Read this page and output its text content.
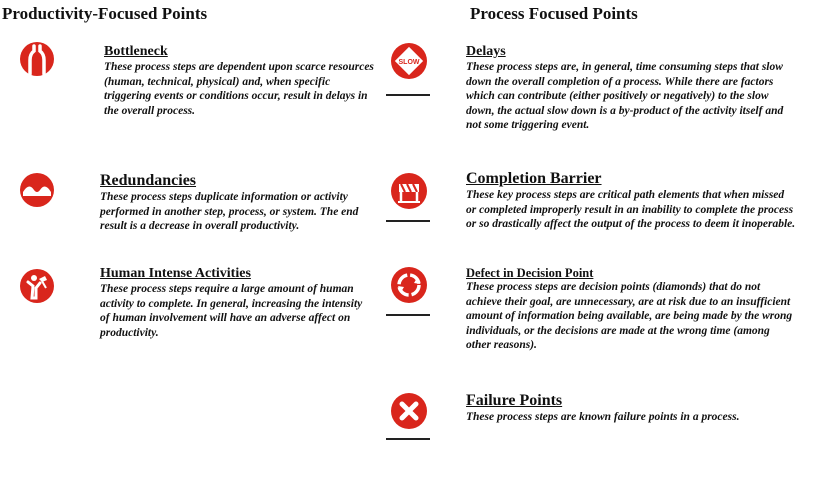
Productivity-Focused Points	Process Focused Points
Bottleneck
These process steps are dependent upon scarce resources (human, technical, physical) and, when specific triggering events or conditions occur, result in delays in the overall process.
Redundancies
These process steps duplicate information or activity performed in another step, process, or system. The end result is a decrease in overall productivity.
Human Intense Activities
These process steps require a large amount of human activity to complete. In general, increasing the intensity of human involvement will have an adverse affect on productivity.
SLOW
Delays
These process steps are, in general, time consuming steps that slow down the overall completion of a process. While there are factors which can contribute (either positively or negatively) to the slow down, the actual slow down is a by-product of the activity itself and not some triggering event.
Completion Barrier
These key process steps are critical path elements that when missed or completed improperly result in an inability to complete the process or so drastically affect the output of the process to deem it inoperable.
Defect in Decision Point
These process steps are decision points (diamonds) that do not achieve their goal, are unnecessary, are at risk due to an insufficient amount of information being available, are being made by the wrong individuals, or the decisions are made at the wrong time (among other reasons).
Failure Points
These process steps are known failure points in a process.
